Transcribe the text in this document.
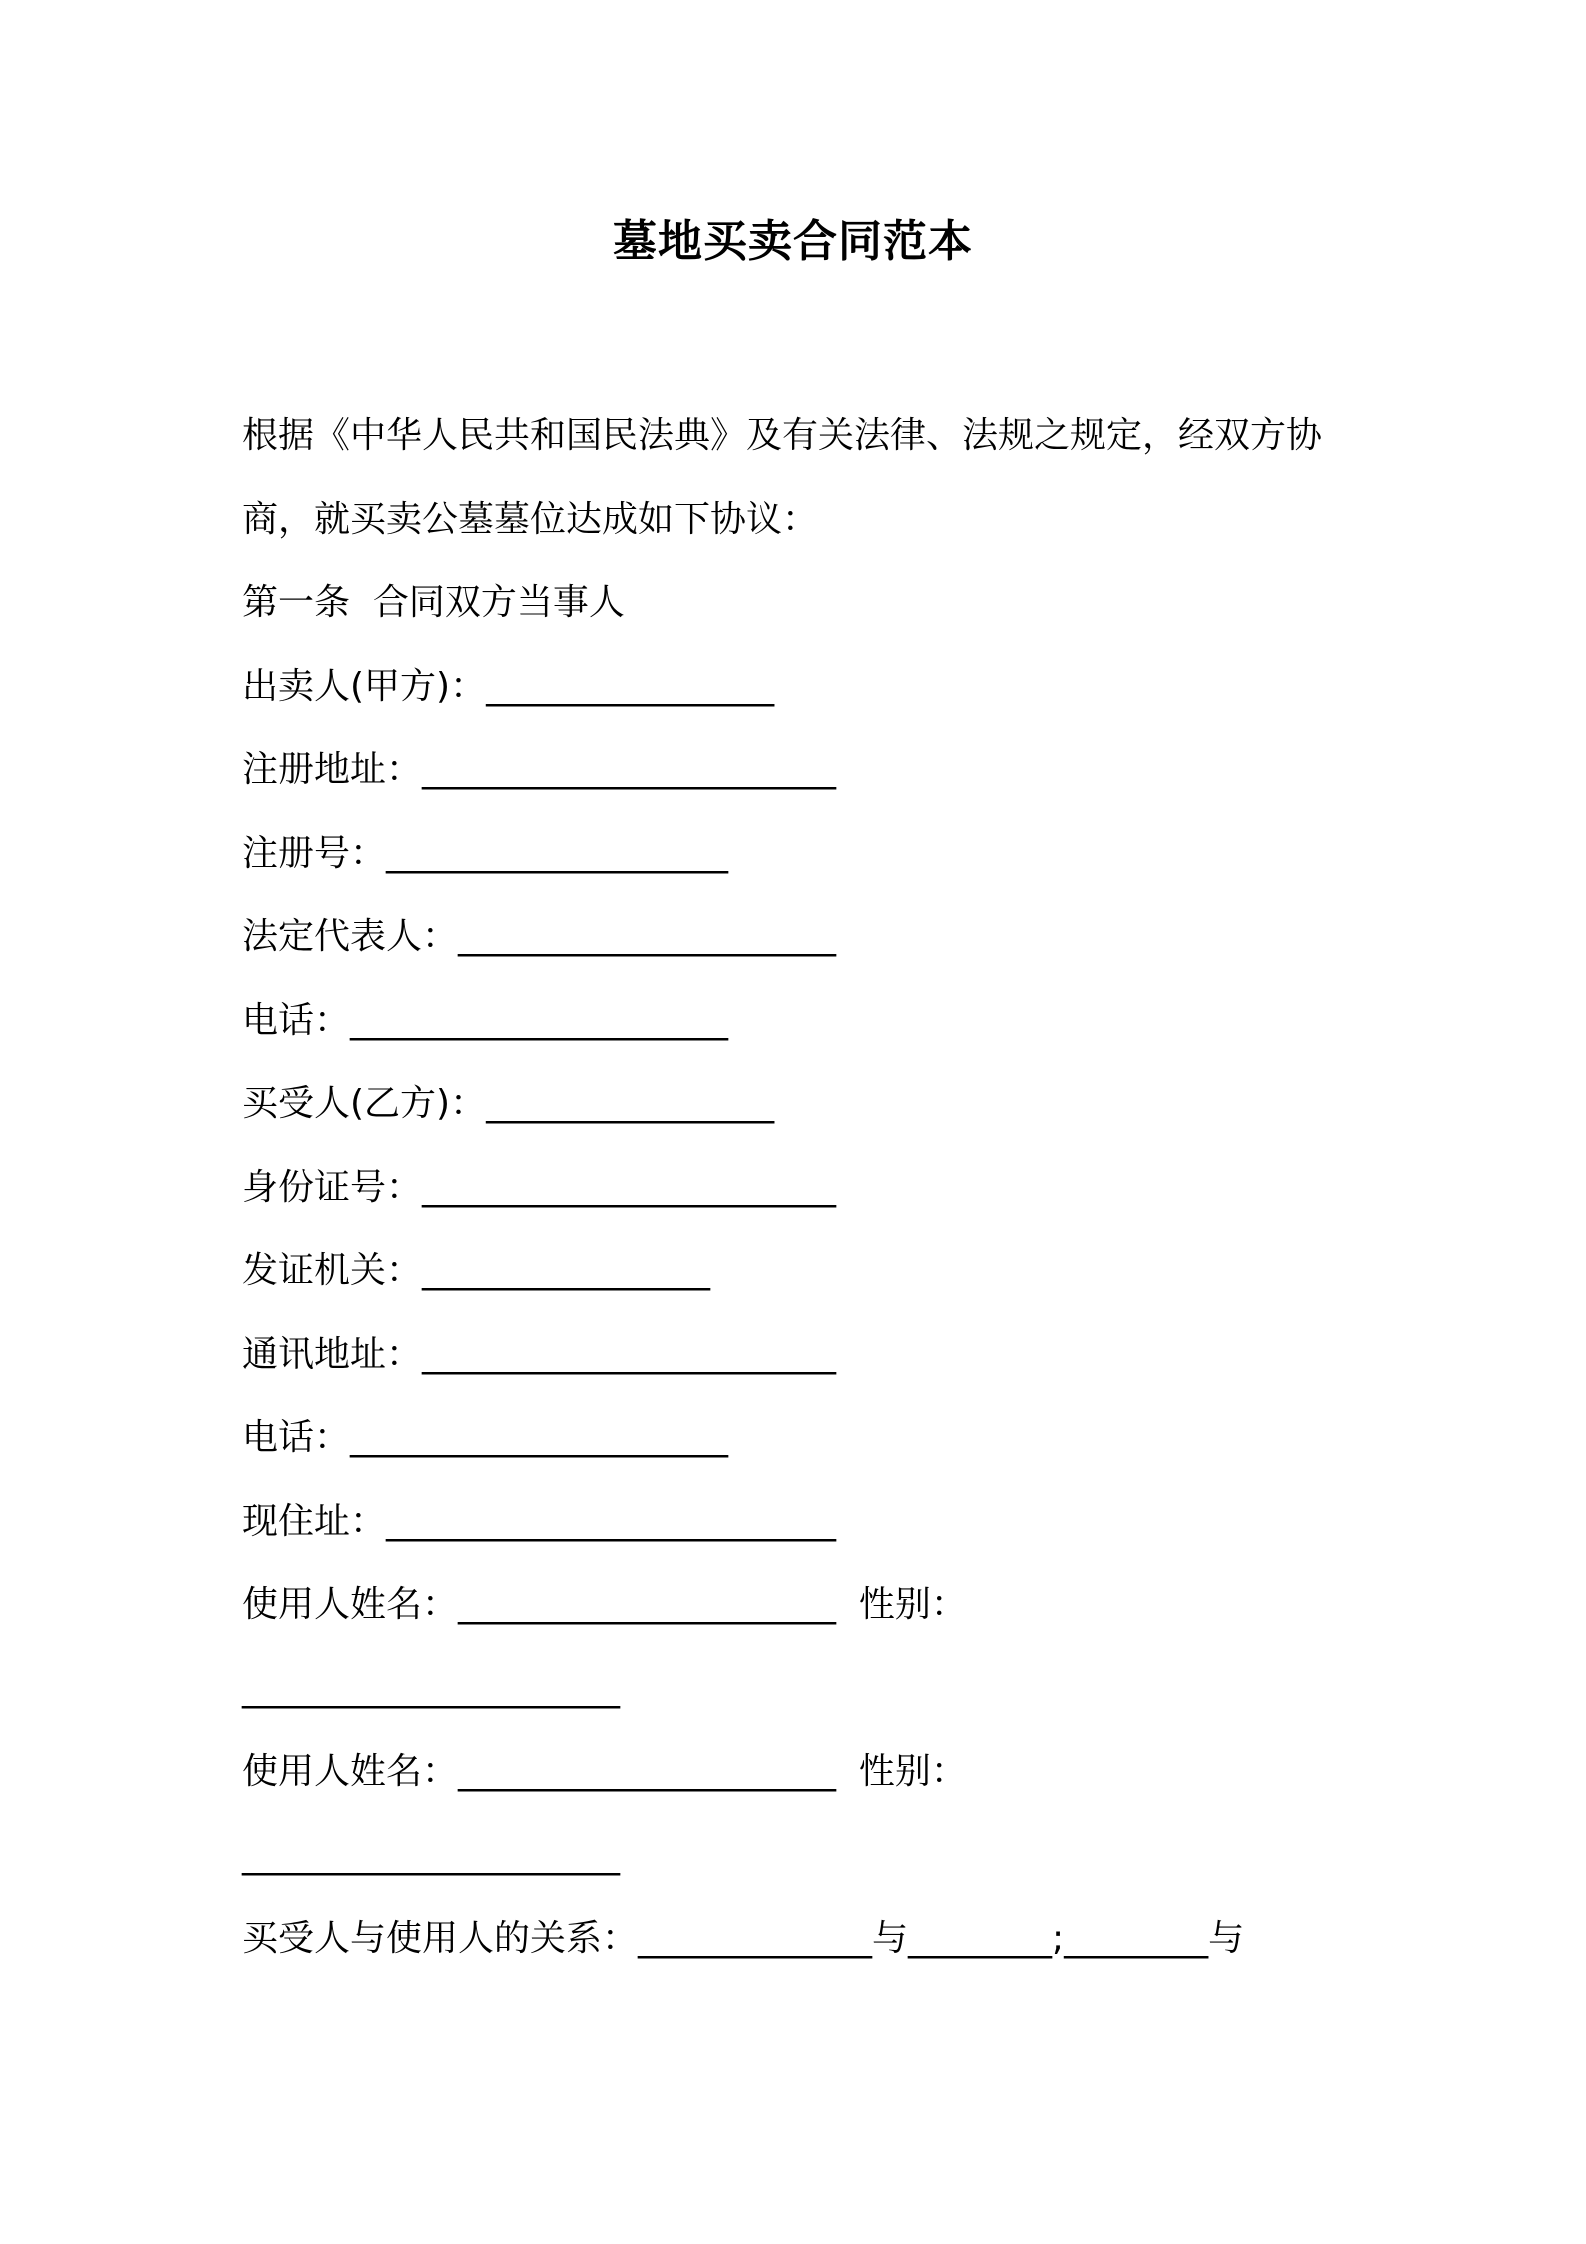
墓地买卖合同范本
根据《中华人民共和国民法典》及有关法律、法规之规定，经双方协
商，就买卖公墓墓位达成如下协议：
第一条  合同双方当事人
出卖人(甲方)：________________
注册地址：_______________________
注册号：___________________
法定代表人：_____________________
电话：_____________________
买受人(乙方)：________________
身份证号：_______________________
发证机关：________________
通讯地址：_______________________
电话：_____________________
现住址：_________________________
使用人姓名：_____________________  性别：
_____________________
使用人姓名：_____________________  性别：
_____________________
买受人与使用人的关系：_____________与________;________与
